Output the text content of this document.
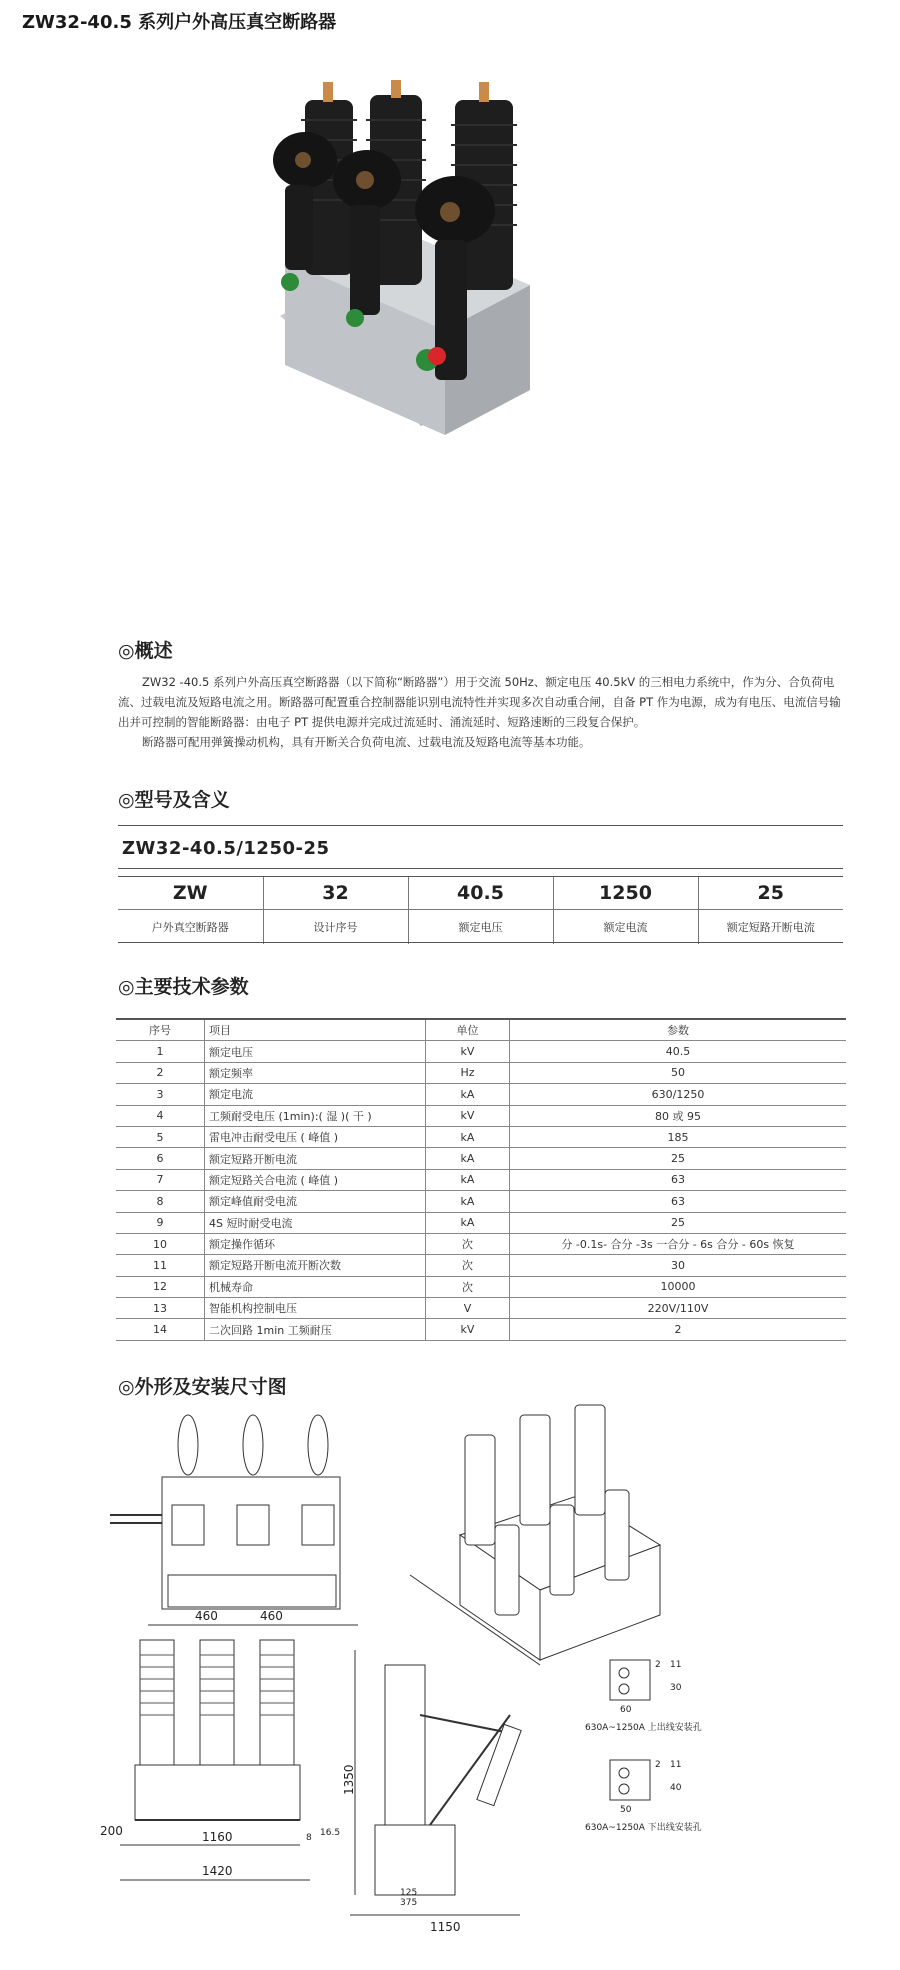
ZW32-40.5 系列户外高压真空断路器
◎概述

ZW32 -40.5 系列户外高压真空断路器（以下简称“断路器”）用于交流 50Hz、额定电压 40.5kV 的三相电力系统中，作为分、合负荷电流、过载电流及短路电流之用。断路器可配置重合控制器能识别电流特性并实现多次自动重合闸，自备 PT 作为电源，成为有电压、电流信号输出并可控制的智能断路器：由电子 PT 提供电源并完成过流延时、涌流延时、短路速断的三段复合保护。

断路器可配用弹簧操动机构，具有开断关合负荷电流、过载电流及短路电流等基本功能。

◎型号及含义
ZW32-40.5/1250-25
ZW	32	40.5	1250	25
户外真空断路器	设计序号	额定电压	额定电流	额定短路开断电流
◎主要技术参数
序号	项目	单位	参数
1	额定电压	kV	40.5
2	额定频率	Hz	50
3	额定电流	kA	630/1250
4	工频耐受电压 (1min):( 湿 )( 干 )	kV	80 或 95
5	雷电冲击耐受电压 ( 峰值 )	kA	185
6	额定短路开断电流	kA	25
7	额定短路关合电流 ( 峰值 )	kA	63
8	额定峰值耐受电流	kA	63
9	4S 短时耐受电流	kA	25
10	额定操作循环	次	分 -0.1s- 合分 -3s 一合分 - 6s 合分 - 60s 恢复
11	额定短路开断电流开断次数	次	30
12	机械寿命	次	10000
13	智能机构控制电压	V	220V/110V
14	二次回路 1min 工频耐压	kV	2
◎外形及安装尺寸图
460	460
1160
1420
200	8 16.5
1350
1150
125
375
2 11
30
60
630A~1250A 上出线安装孔
2 11
40
50
630A~1250A 下出线安装孔
